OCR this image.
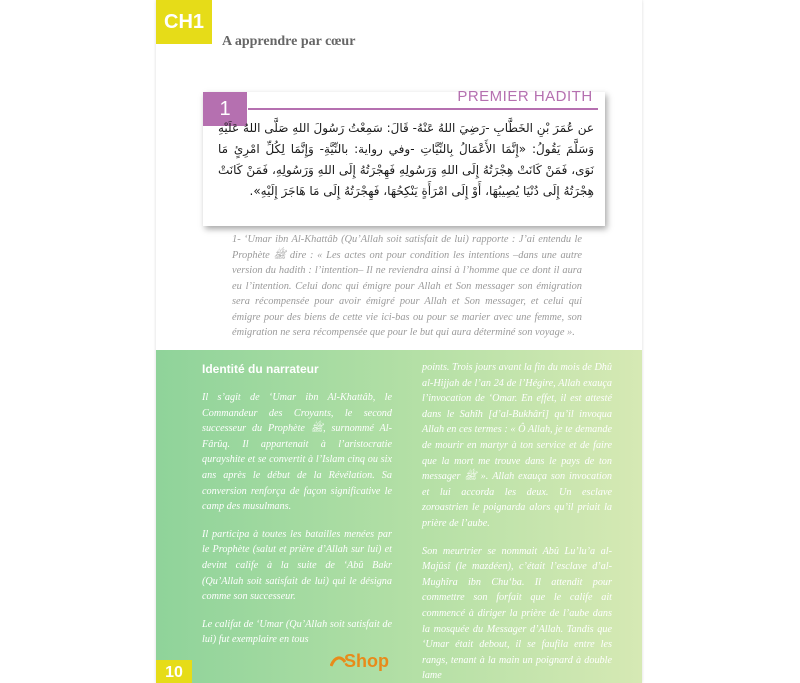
CH1
A apprendre par cœur
1
PREMIER HADITH
عن عُمَرَ بْنِ الخَطَّابِ -رَضِيَ اللهُ عَنْهُ- قَالَ: سَمِعْتُ رَسُولَ اللهِ صَلَّى اللهُ عَلَيْهِ وَسَلَّمَ يَقُولُ: «إِنَّمَا الأَعْمَالُ بِالنِّيَّاتِ -وفي رواية: بالنِّيَّةِ- وَإِنَّمَا لِكُلِّ امْرِئٍ مَا نَوَى، فَمَنْ كَانَتْ هِجْرَتُهُ إِلَى اللهِ وَرَسُولِهِ فَهِجْرَتُهُ إِلَى اللهِ وَرَسُولِهِ، فَمَنْ كَانَتْ هِجْرَتُهُ إِلَى دُنْيَا يُصِيبُهَا، أَوْ إِلَى امْرَأَةٍ يَنْكِحُهَا، فَهِجْرَتُهُ إِلَى مَا هَاجَرَ إِلَيْهِ».
1- ‘Umar ibn Al-Khattâb (Qu’Allah soit satisfait de lui) rapporte : J’ai entendu le Prophète ﷺ dire : « Les actes ont pour condition les intentions –dans une autre version du hadith : l’intention– Il ne reviendra ainsi à l’homme que ce dont il aura eu l’intention. Celui donc qui émigre pour Allah et Son messager son émigration sera récompensée pour avoir émigré pour Allah et Son messager, et celui qui émigre pour des biens de cette vie ici-bas ou pour se marier avec une femme, son émigration ne sera récompensée que pour le but qui aura déterminé son voyage ».
Identité du narrateur

Il s’agit de ‘Umar ibn Al-Khattâb, le Commandeur des Croyants, le second successeur du Prophète ﷺ, surnommé Al-Fârûq. Il appartenait à l’aristocratie qurayshite et se convertit à l’Islam cinq ou six ans après le début de la Révélation. Sa conversion renforça de façon significative le camp des musulmans.

Il participa à toutes les batailles menées par le Prophète (salut et prière d’Allah sur lui) et devint calife à la suite de ‘Abû Bakr (Qu’Allah soit satisfait de lui) qui le désigna comme son successeur.

Le califat de ‘Umar (Qu’Allah soit satisfait de lui) fut exemplaire en tous

points. Trois jours avant la fin du mois de Dhû al-Hijjah de l’an 24 de l’Hégire, Allah exauça l’invocation de ‘Omar. En effet, il est attesté dans le Sahîh [d’al-Bukhârî] qu’il invoqua Allah en ces termes : « Ô Allah, je te demande de mourir en martyr à ton service et de faire que la mort me trouve dans le pays de ton messager ﷺ ». Allah exauça son invocation et lui accorda les deux. Un esclave zoroastrien le poignarda alors qu’il priait la prière de l’aube.

Son meurtrier se nommait Abû Lu’lu’a al-Majûsî (le mazdéen), c’était l’esclave d’al-Mughîra ibn Chu‘ba. Il attendit pour commettre son forfait que le calife ait commencé à diriger la prière de l’aube dans la mosquée du Messager d’Allah. Tandis que ‘Umar était debout, il se faufila entre les rangs, tenant à la main un poignard à double lame

10
Shop
